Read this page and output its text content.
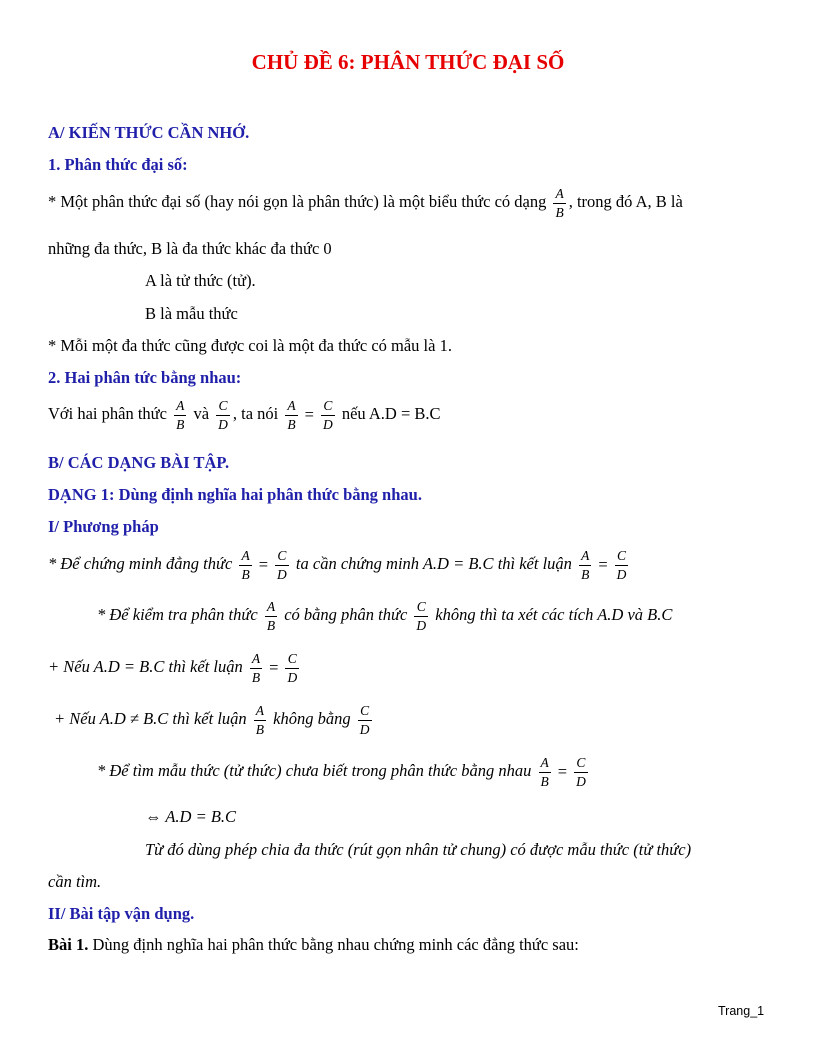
CHỦ ĐỀ 6: PHÂN THỨC ĐẠI SỐ
A/ KIẾN THỨC CẦN NHỚ.
1. Phân thức đại số:
* Một phân thức đại số (hay nói gọn là phân thức) là một biểu thức có dạng $\frac{A}{B}$ , trong đó A, B là
những đa thức, B là đa thức khác đa thức 0
A là tử thức (tử).
B là mẫu thức
* Mỗi một đa thức cũng được coi là một đa thức có mẫu là 1.
2. Hai phân tức bằng nhau:
Với hai phân thức $\frac{A}{B}$ và $\frac{C}{D}$ , ta nói $\frac{A}{B} = \frac{C}{D}$ nếu A.D = B.C
B/ CÁC DẠNG BÀI TẬP.
DẠNG 1: Dùng định nghĩa hai phân thức bằng nhau.
I/ Phương pháp
* Để chứng minh đẳng thức $\frac{A}{B} = \frac{C}{D}$ ta cần chứng minh A.D = B.C thì kết luận $\frac{A}{B} = \frac{C}{D}$
* Để kiểm tra phân thức $\frac{A}{B}$ có bằng phân thức $\frac{C}{D}$ không thì ta xét các tích A.D và B.C
+ Nếu A.D = B.C thì kết luận $\frac{A}{B} = \frac{C}{D}$
+ Nếu A.D ≠ B.C thì kết luận $\frac{A}{B}$ không bằng $\frac{C}{D}$
* Để tìm mẫu thức (tử thức) chưa biết trong phân thức bằng nhau $\frac{A}{B} = \frac{C}{D}$
⇔ A.D = B.C
Từ đó dùng phép chia đa thức (rút gọn nhân tử chung) có được mẫu thức (tử thức)
cần tìm.
II/ Bài tập vận dụng.
Bài 1. Dùng định nghĩa hai phân thức bằng nhau chứng minh các đẳng thức sau:
Trang_1
